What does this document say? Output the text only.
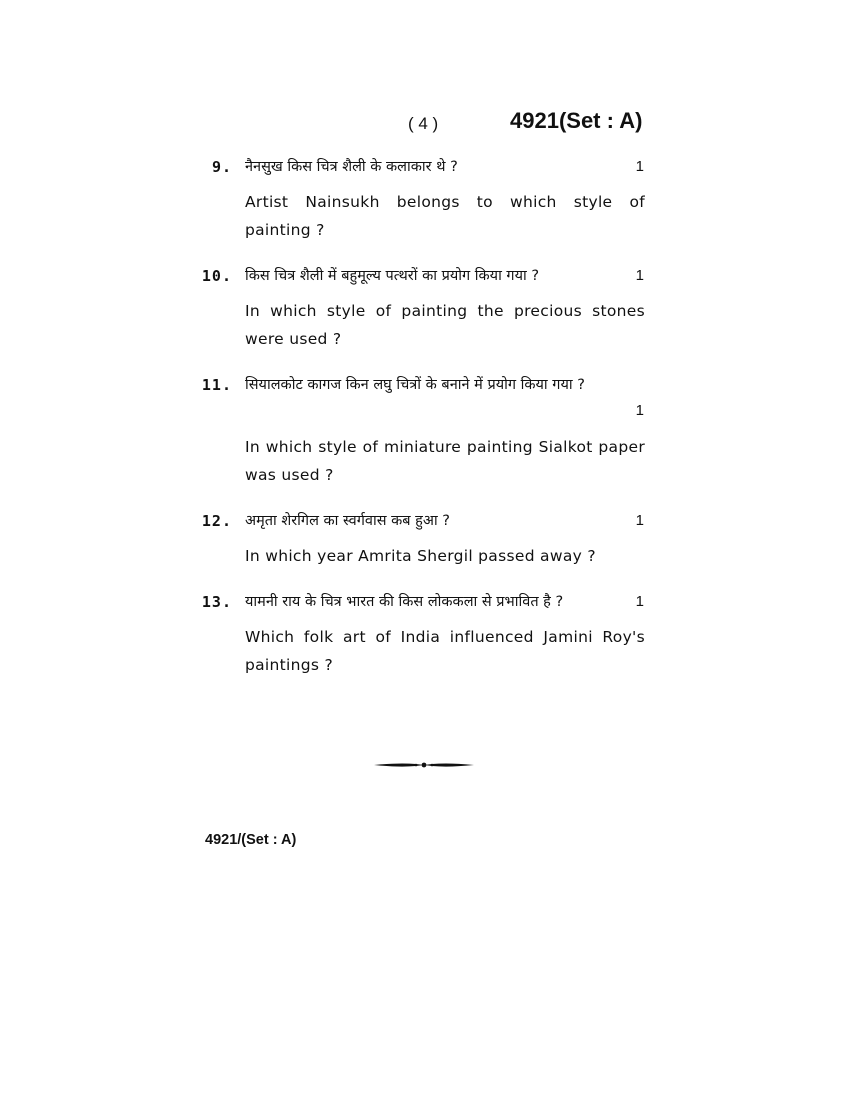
( 4 )	4921(Set : A)
9. नैनसुख किस चित्र शैली के कलाकार थे ?	1
Artist Nainsukh belongs to which style of painting ?
10. किस चित्र शैली में बहुमूल्य पत्थरों का प्रयोग किया गया ?	1
In which style of painting the precious stones were used ?
11. सियालकोट कागज किन लघु चित्रों के बनाने में प्रयोग किया गया ?
1
In which style of miniature painting Sialkot paper was used ?
12. अमृता शेरगिल का स्वर्गवास कब हुआ ?	1
In which year Amrita Shergil passed away ?
13. यामनी राय के चित्र भारत की किस लोककला से प्रभावित है ?	1
Which folk art of India influenced Jamini Roy's paintings ?
4921/(Set : A)
